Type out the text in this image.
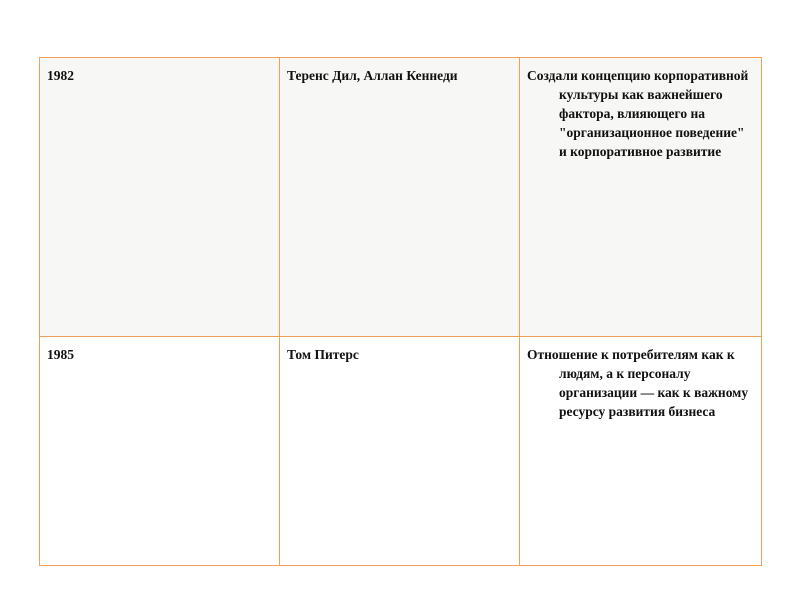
1982	Теренс Дил, Аллан Кеннеди	Создали концепцию корпоративной культуры как важнейшего фактора, влияющего на "организационное поведение" и корпоративное развитие

1985	Том Питерс	Отношение к потребителям как к людям, а к персоналу организации — как к важному ресурсу развития бизнеса
